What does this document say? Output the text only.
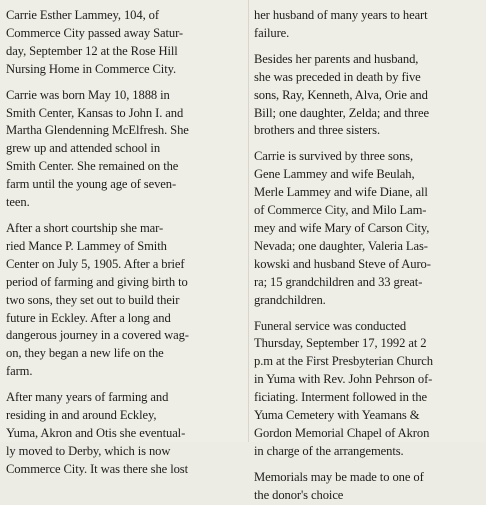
Carrie Esther Lammey, 104, of
Commerce City passed away Satur-
day, September 12 at the Rose Hill
Nursing Home in Commerce City.
Carrie was born May 10, 1888 in
Smith Center, Kansas to John I. and
Martha Glendenning McElfresh. She
grew up and attended school in
Smith Center. She remained on the
farm until the young age of seven-
teen.
After a short courtship she mar-
ried Mance P. Lammey of Smith
Center on July 5, 1905. After a brief
period of farming and giving birth to
two sons, they set out to build their
future in Eckley. After a long and
dangerous journey in a covered wag-
on, they began a new life on the
farm.
After many years of farming and
residing in and around Eckley,
Yuma, Akron and Otis she eventual-
ly moved to Derby, which is now
Commerce City. It was there she lost
her husband of many years to heart
failure.
Besides her parents and husband,
she was preceded in death by five
sons, Ray, Kenneth, Alva, Orie and
Bill; one daughter, Zelda; and three
brothers and three sisters.
Carrie is survived by three sons,
Gene Lammey and wife Beulah,
Merle Lammey and wife Diane, all
of Commerce City, and Milo Lam-
mey and wife Mary of Carson City,
Nevada; one daughter, Valeria Las-
kowski and husband Steve of Auro-
ra; 15 grandchildren and 33 great-
grandchildren.
Funeral service was conducted
Thursday, September 17, 1992 at 2
p.m at the First Presbyterian Church
in Yuma with Rev. John Pehrson of-
ficiating. Interment followed in the
Yuma Cemetery with Yeamans &
Gordon Memorial Chapel of Akron
in charge of the arrangements.
Memorials may be made to one of
the donor's choice
